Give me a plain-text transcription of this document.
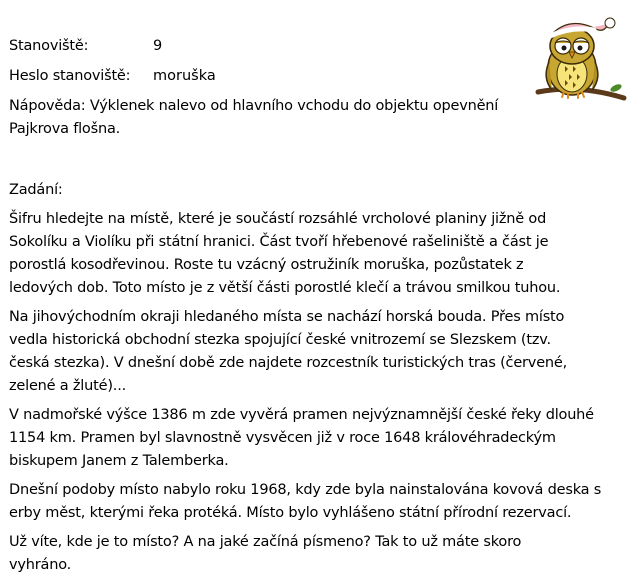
Stanoviště:	9
Heslo stanoviště: moruška
Nápověda: Výklenek nalevo od hlavního vchodu do objektu opevnění
Pajkrova flošna.
Zadání:
Šifru hledejte na místě, které je součástí rozsáhlé vrcholové planiny jižně od
Sokolíku a Violíku při státní hranici. Část tvoří hřebenové rašeliniště a část je
porostlá kosodřevinou. Roste tu vzácný ostružiník moruška, pozůstatek z
ledových dob. Toto místo je z větší části porostlé klečí a trávou smilkou tuhou.
Na jihovýchodním okraji hledaného místa se nachází horská bouda. Přes místo
vedla historická obchodní stezka spojující české vnitrozemí se Slezskem (tzv.
česká stezka). V dnešní době zde najdete rozcestník turistických tras (červené,
zelené a žluté)...
V nadmořské výšce 1386 m zde vyvěrá pramen nejvýznamnější české řeky dlouhé
1154 km. Pramen byl slavnostně vysvěcen již v roce 1648 královéhradeckým
biskupem Janem z Talemberka.
Dnešní podoby místo nabylo roku 1968, kdy zde byla nainstalována kovová deska s
erby měst, kterými řeka protéká. Místo bylo vyhlášeno státní přírodní rezervací.
Už víte, kde je to místo? A na jaké začíná písmeno? Tak to už máte skoro
vyhráno.
